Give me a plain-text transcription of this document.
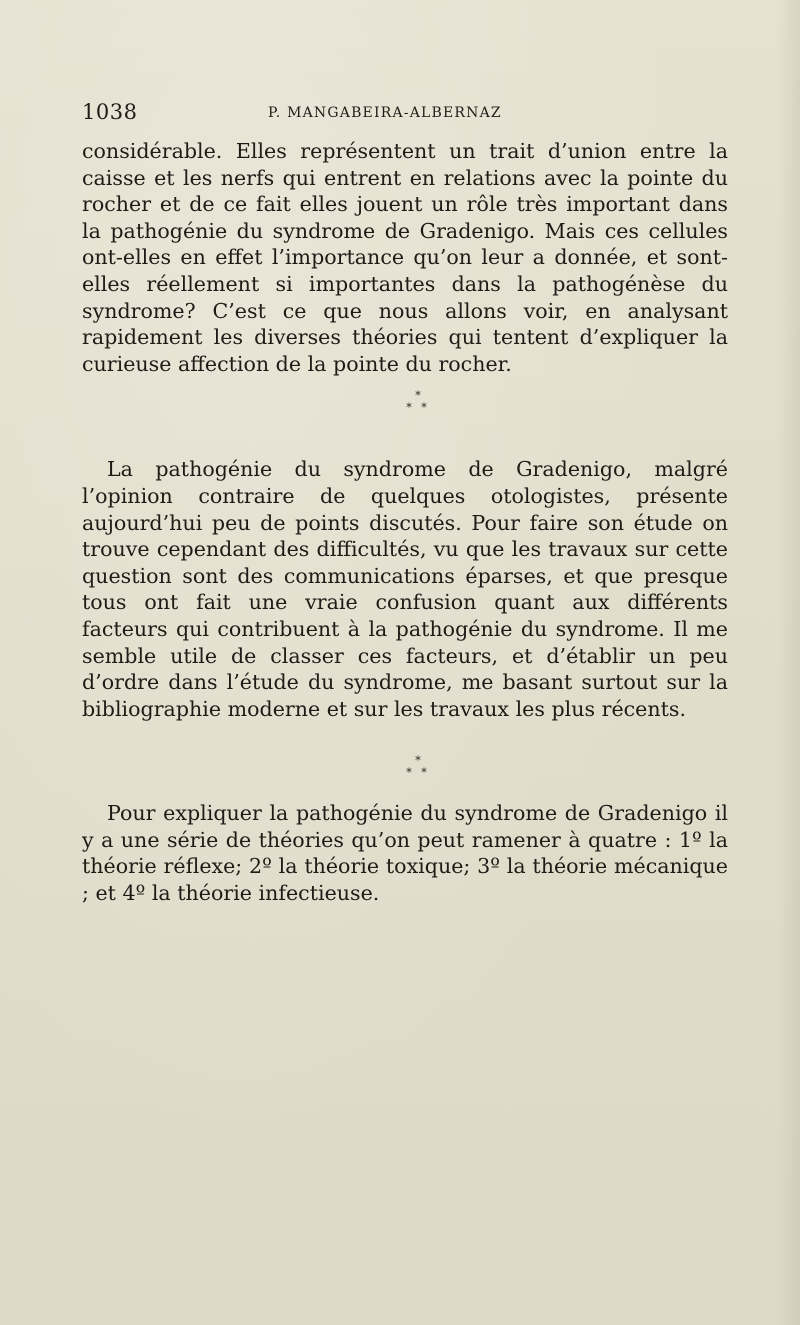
1038	P. MANGABEIRA-ALBERNAZ

considérable. Elles représentent un trait d’union entre la caisse et les nerfs qui entrent en relations avec la pointe du rocher et de ce fait elles jouent un rôle très important dans la pathogénie du syndrome de Gradenigo. Mais ces cellules ont-elles en effet l’importance qu’on leur a donnée, et sont-elles réellement si importantes dans la pathogénèse du syndrome? C’est ce que nous allons voir, en analysant rapidement les diverses théories qui tentent d’expliquer la curieuse affection de la pointe du rocher.

*
* *

La pathogénie du syndrome de Gradenigo, malgré l’opinion contraire de quelques otologistes, présente aujourd’hui peu de points discutés. Pour faire son étude on trouve cependant des difficultés, vu que les travaux sur cette question sont des communications éparses, et que presque tous ont fait une vraie confusion quant aux différents facteurs qui contribuent à la pathogénie du syndrome. Il me semble utile de classer ces facteurs, et d’établir un peu d’ordre dans l’étude du syndrome, me basant surtout sur la bibliographie moderne et sur les travaux les plus récents.

*
* *

Pour expliquer la pathogénie du syndrome de Gradenigo il y a une série de théories qu’on peut ramener à quatre : 1º la théorie réflexe; 2º la théorie toxique; 3º la théorie mécanique ; et 4º la théorie infectieuse.
